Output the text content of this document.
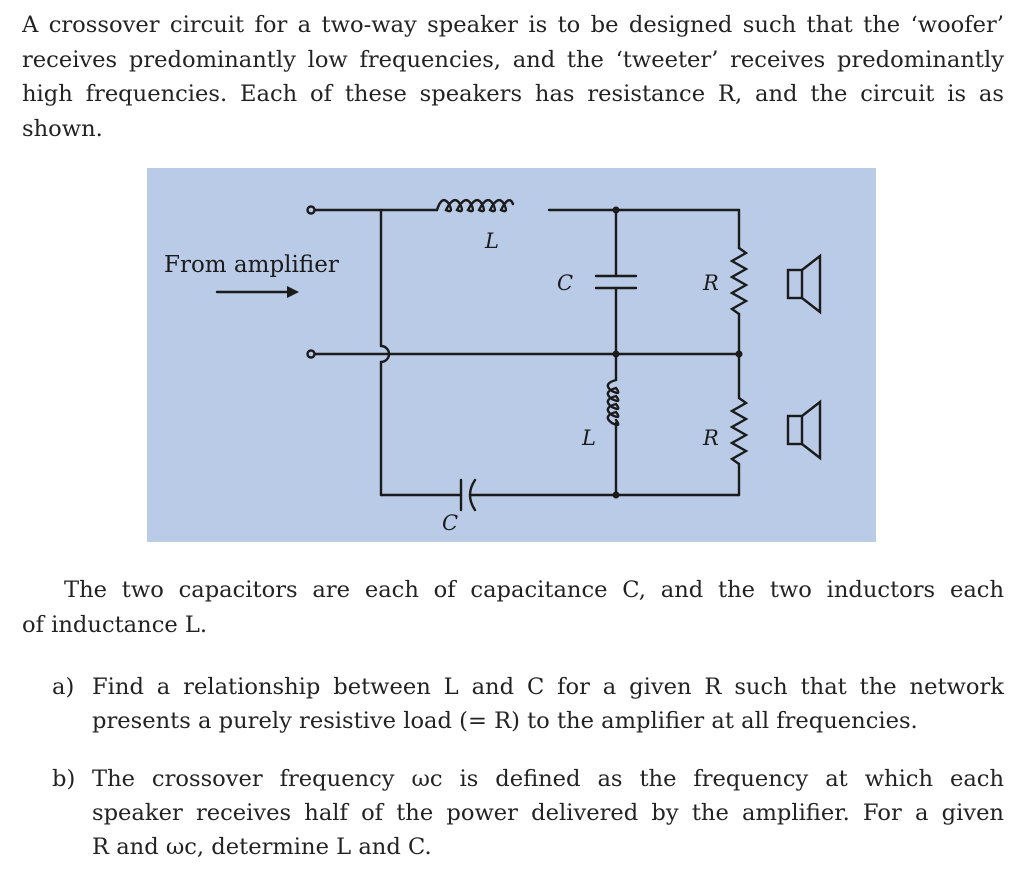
A crossover circuit for a two-way speaker is to be designed such that the ‘woofer’
receives predominantly low frequencies, and the ‘tweeter’ receives predominantly
high frequencies. Each of these speakers has resistance R, and the circuit is as
shown.
From amplifier
L
C	R
L	R
C
The two capacitors are each of capacitance C, and the two inductors each
of inductance L.
a) Find a relationship between L and C for a given R such that the network
presents a purely resistive load (= R) to the amplifier at all frequencies.
b) The crossover frequency ωc is defined as the frequency at which each
speaker receives half of the power delivered by the amplifier. For a given
R and ωc, determine L and C.
